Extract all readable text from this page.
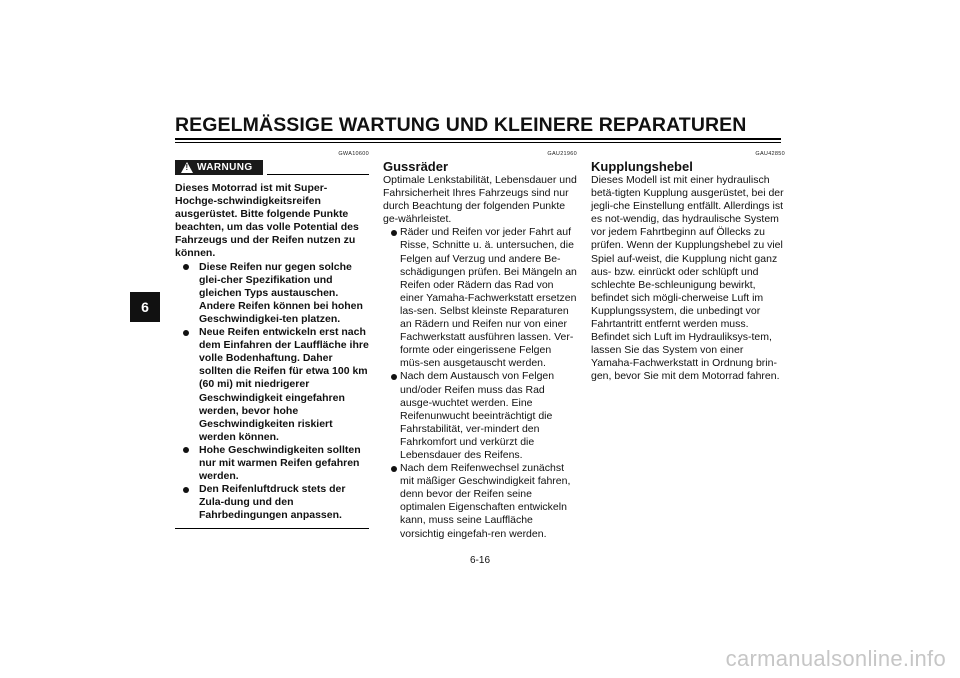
REGELMÄSSIGE WARTUNG UND KLEINERE REPARATUREN
6
GWA10600
! WARNUNG

Dieses Motorrad ist mit Super-Hochge-schwindigkeitsreifen ausgerüstet. Bitte folgende Punkte beachten, um das volle Potential des Fahrzeugs und der Reifen nutzen zu können.

Diese Reifen nur gegen solche glei-cher Spezifikation und gleichen Typs austauschen. Andere Reifen können bei hohen Geschwindigkei-ten platzen.
Neue Reifen entwickeln erst nach dem Einfahren der Lauffläche ihre volle Bodenhaftung. Daher sollten die Reifen für etwa 100 km (60 mi) mit niedrigerer Geschwindigkeit eingefahren werden, bevor hohe Geschwindigkeiten riskiert werden können.
Hohe Geschwindigkeiten sollten nur mit warmen Reifen gefahren werden.
Den Reifenluftdruck stets der Zula-dung und den Fahrbedingungen anpassen.
GAU21960
Gussräder

Optimale Lenkstabilität, Lebensdauer und Fahrsicherheit Ihres Fahrzeugs sind nur durch Beachtung der folgenden Punkte ge-währleistet.

Räder und Reifen vor jeder Fahrt auf Risse, Schnitte u. ä. untersuchen, die Felgen auf Verzug und andere Be-schädigungen prüfen. Bei Mängeln an Reifen oder Rädern das Rad von einer Yamaha-Fachwerkstatt ersetzen las-sen. Selbst kleinste Reparaturen an Rädern und Reifen nur von einer Fachwerkstatt ausführen lassen. Ver-formte oder eingerissene Felgen müs-sen ausgetauscht werden.
Nach dem Austausch von Felgen und/oder Reifen muss das Rad ausge-wuchtet werden. Eine Reifenunwucht beeinträchtigt die Fahrstabilität, ver-mindert den Fahrkomfort und verkürzt die Lebensdauer des Reifens.
Nach dem Reifenwechsel zunächst mit mäßiger Geschwindigkeit fahren, denn bevor der Reifen seine optimalen Eigenschaften entwickeln kann, muss seine Lauffläche vorsichtig eingefah-ren werden.
GAU42850
Kupplungshebel

Dieses Modell ist mit einer hydraulisch betä-tigten Kupplung ausgerüstet, bei der jegli-che Einstellung entfällt. Allerdings ist es not-wendig, das hydraulische System vor jedem Fahrtbeginn auf Öllecks zu prüfen. Wenn der Kupplungshebel zu viel Spiel auf-weist, die Kupplung nicht ganz aus- bzw. einrückt oder schlüpft und schlechte Be-schleunigung bewirkt, befindet sich mögli-cherweise Luft im Kupplungssystem, die unbedingt vor Fahrtantritt entfernt werden muss. Befindet sich Luft im Hydrauliksys-tem, lassen Sie das System von einer Yamaha-Fachwerkstatt in Ordnung brin-gen, bevor Sie mit dem Motorrad fahren.

6-16
carmanualsonline.info
